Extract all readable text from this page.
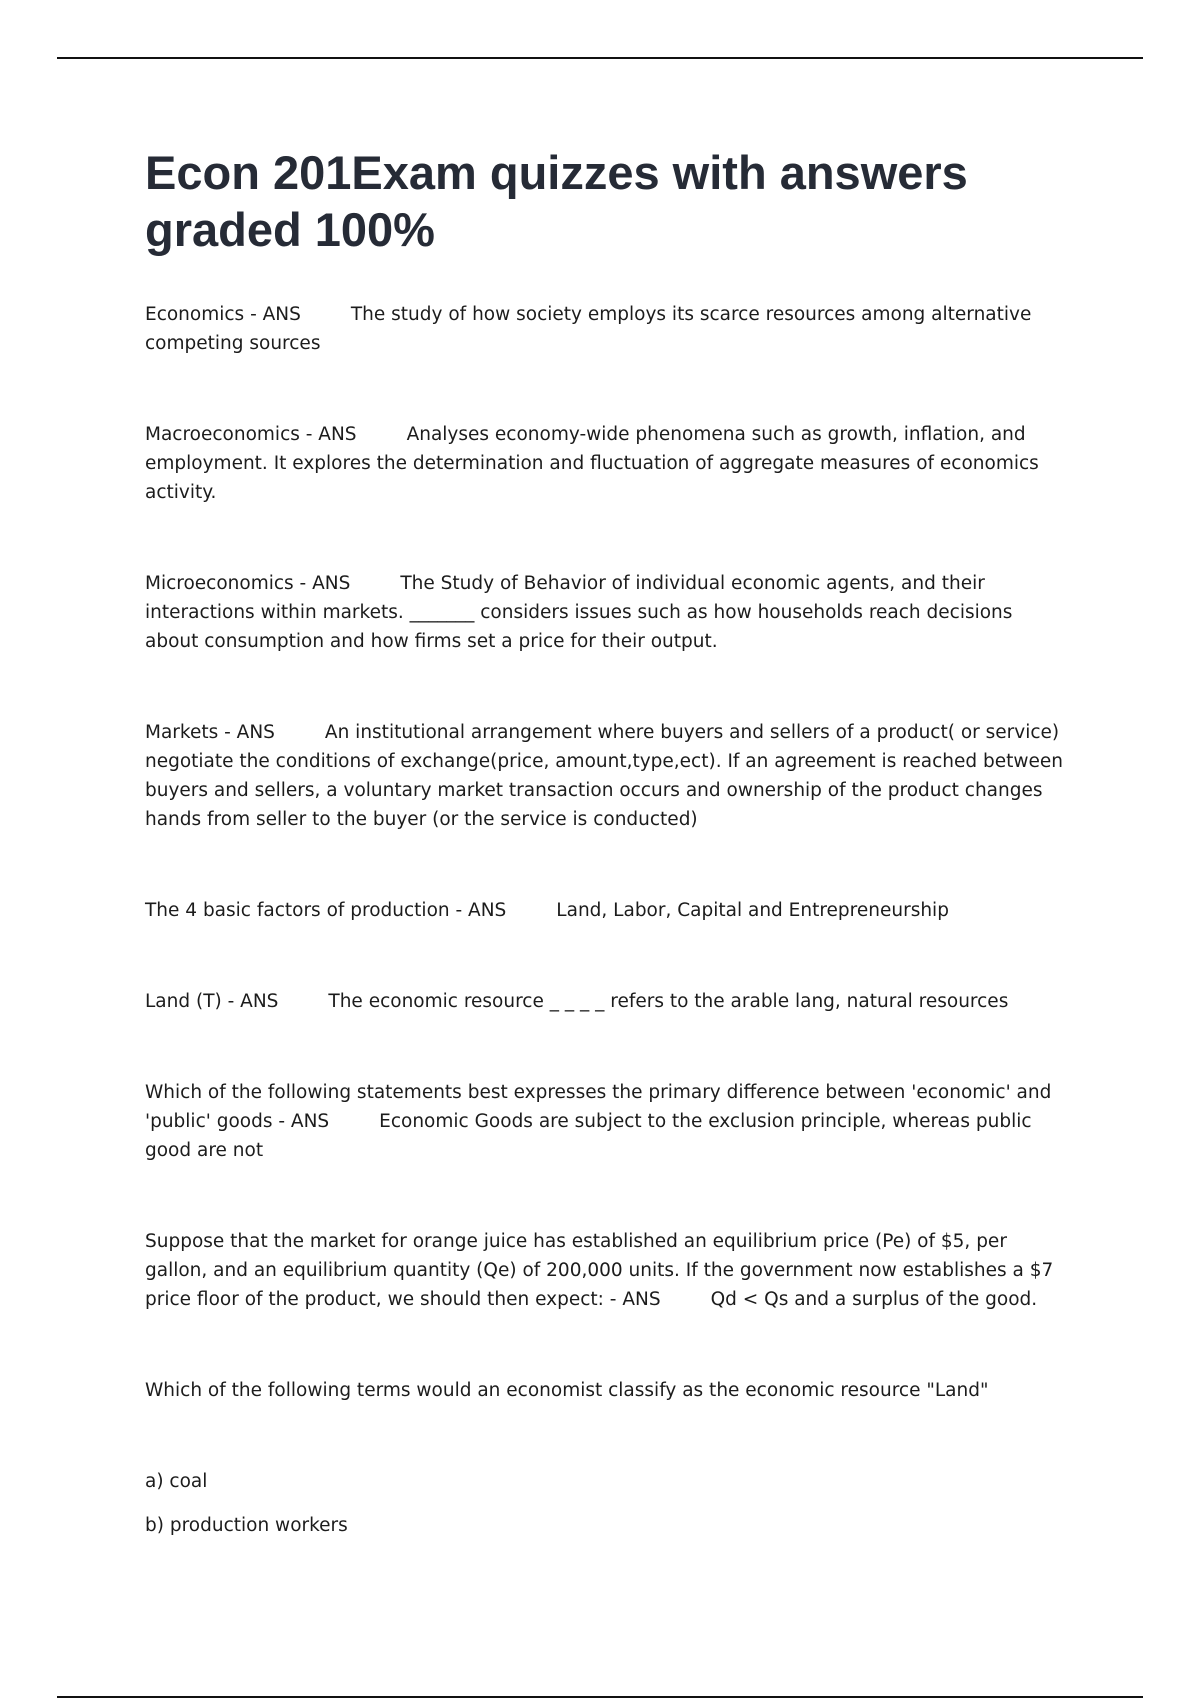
Econ 201Exam quizzes with answers graded 100%

Economics - ANS	The study of how society employs its scarce resources among alternative competing sources

Macroeconomics - ANS	Analyses economy-wide phenomena such as growth, inflation, and employment. It explores the determination and fluctuation of aggregate measures of economics activity.

Microeconomics - ANS	The Study of Behavior of individual economic agents, and their interactions within markets. _______ considers issues such as how households reach decisions about consumption and how firms set a price for their output.

Markets - ANS	An institutional arrangement where buyers and sellers of a product( or service) negotiate the conditions of exchange(price, amount,type,ect). If an agreement is reached between buyers and sellers, a voluntary market transaction occurs and ownership of the product changes hands from seller to the buyer (or the service is conducted)

The 4 basic factors of production - ANS	Land, Labor, Capital and Entrepreneurship

Land (T) - ANS	The economic resource _ _ _ _ refers to the arable lang, natural resources

Which of the following statements best expresses the primary difference between 'economic' and 'public' goods - ANS	Economic Goods are subject to the exclusion principle, whereas public good are not

Suppose that the market for orange juice has established an equilibrium price (Pe) of $5, per gallon, and an equilibrium quantity (Qe) of 200,000 units. If the government now establishes a $7 price floor of the product, we should then expect: - ANS	Qd < Qs and a surplus of the good.

Which of the following terms would an economist classify as the economic resource "Land"

a) coal

b) production workers
